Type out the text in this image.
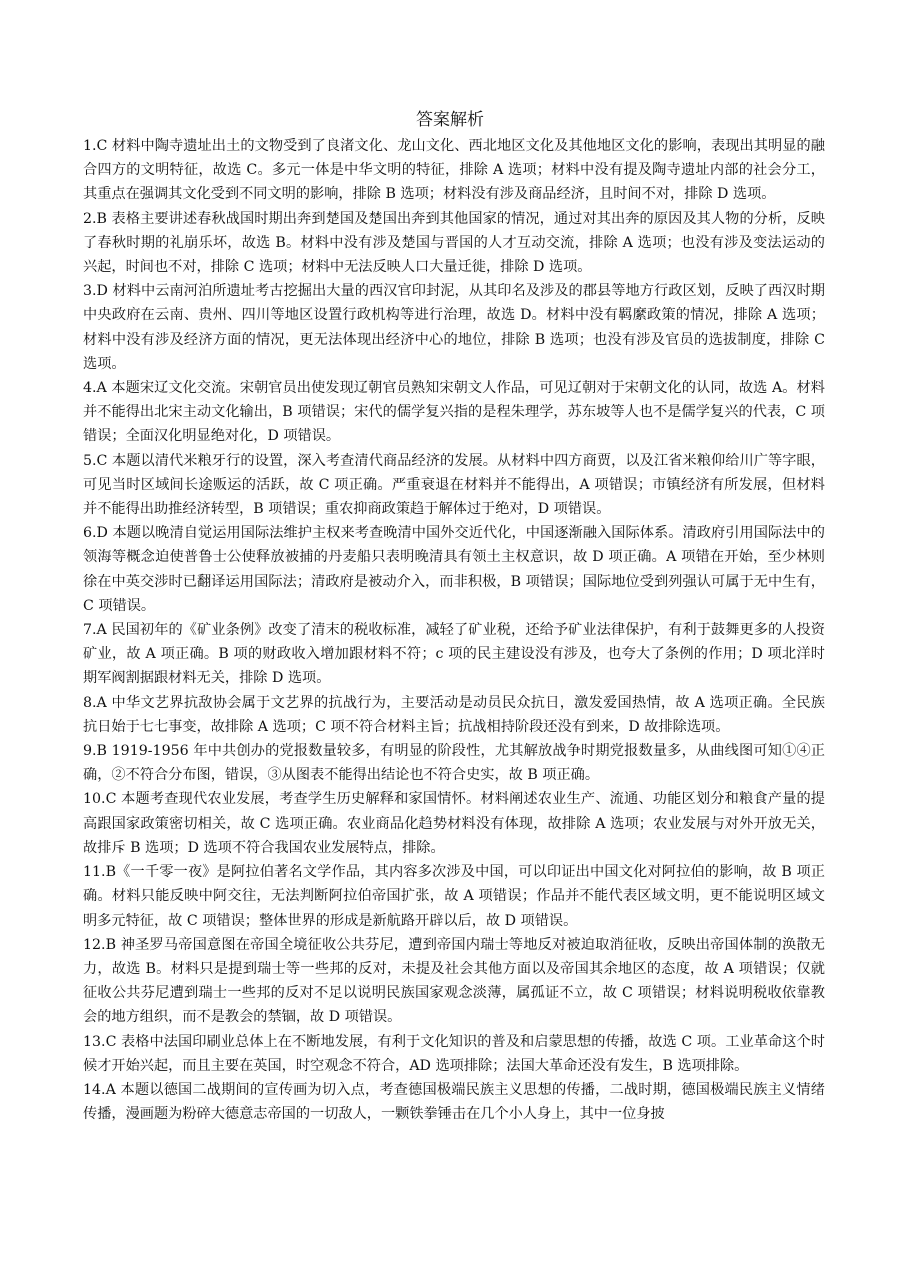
答案解析

1.C 材料中陶寺遗址出土的文物受到了良渚文化、龙山文化、西北地区文化及其他地区文化的影响，表现出其明显的融合四方的文明特征，故选 C。多元一体是中华文明的特征，排除 A 选项；材料中没有提及陶寺遗址内部的社会分工，其重点在强调其文化受到不同文明的影响，排除 B 选项；材料没有涉及商品经济，且时间不对，排除 D 选项。

2.B 表格主要讲述春秋战国时期出奔到楚国及楚国出奔到其他国家的情况，通过对其出奔的原因及其人物的分析，反映了春秋时期的礼崩乐坏，故选 B。材料中没有涉及楚国与晋国的人才互动交流，排除 A 选项；也没有涉及变法运动的兴起，时间也不对，排除 C 选项；材料中无法反映人口大量迁徙，排除 D 选项。

3.D 材料中云南河泊所遗址考古挖掘出大量的西汉官印封泥，从其印名及涉及的郡县等地方行政区划，反映了西汉时期中央政府在云南、贵州、四川等地区设置行政机构等进行治理，故选 D。材料中没有羁縻政策的情况，排除 A 选项；材料中没有涉及经济方面的情况，更无法体现出经济中心的地位，排除 B 选项；也没有涉及官员的选拔制度，排除 C 选项。

4.A 本题宋辽文化交流。宋朝官员出使发现辽朝官员熟知宋朝文人作品，可见辽朝对于宋朝文化的认同，故选 A。材料并不能得出北宋主动文化输出，B 项错误；宋代的儒学复兴指的是程朱理学，苏东坡等人也不是儒学复兴的代表，C 项错误；全面汉化明显绝对化，D 项错误。

5.C 本题以清代米粮牙行的设置，深入考查清代商品经济的发展。从材料中四方商贾，以及江省米粮仰给川广等字眼，可见当时区域间长途贩运的活跃，故 C 项正确。严重衰退在材料并不能得出，A 项错误；市镇经济有所发展，但材料并不能得出助推经济转型，B 项错误；重农抑商政策趋于解体过于绝对，D 项错误。

6.D 本题以晚清自觉运用国际法维护主权来考查晚清中国外交近代化，中国逐渐融入国际体系。清政府引用国际法中的领海等概念迫使普鲁士公使释放被捕的丹麦船只表明晚清具有领土主权意识，故 D 项正确。A 项错在开始，至少林则徐在中英交涉时已翻译运用国际法；清政府是被动介入，而非积极，B 项错误；国际地位受到列强认可属于无中生有，C 项错误。

7.A 民国初年的《矿业条例》改变了清末的税收标准，减轻了矿业税，还给予矿业法律保护，有利于鼓舞更多的人投资矿业，故 A 项正确。B 项的财政收入增加跟材料不符；c 项的民主建设没有涉及，也夸大了条例的作用；D 项北洋时期军阀割据跟材料无关，排除 D 选项。

8.A 中华文艺界抗敌协会属于文艺界的抗战行为，主要活动是动员民众抗日，激发爱国热情，故 A 选项正确。全民族抗日始于七七事变，故排除 A 选项；C 项不符合材料主旨；抗战相持阶段还没有到来，D 故排除选项。

9.B 1919-1956 年中共创办的党报数量较多，有明显的阶段性，尤其解放战争时期党报数量多，从曲线图可知①④正确，②不符合分布图，错误，③从图表不能得出结论也不符合史实，故 B 项正确。

10.C 本题考查现代农业发展，考查学生历史解释和家国情怀。材料阐述农业生产、流通、功能区划分和粮食产量的提高跟国家政策密切相关，故 C 选项正确。农业商品化趋势材料没有体现，故排除 A 选项；农业发展与对外开放无关，故排斥 B 选项；D 选项不符合我国农业发展特点，排除。

11.B《一千零一夜》是阿拉伯著名文学作品，其内容多次涉及中国，可以印证出中国文化对阿拉伯的影响，故 B 项正确。材料只能反映中阿交往，无法判断阿拉伯帝国扩张，故 A 项错误；作品并不能代表区域文明，更不能说明区域文明多元特征，故 C 项错误；整体世界的形成是新航路开辟以后，故 D 项错误。

12.B 神圣罗马帝国意图在帝国全境征收公共芬尼，遭到帝国内瑞士等地反对被迫取消征收，反映出帝国体制的涣散无力，故选 B。材料只是提到瑞士等一些邦的反对，未提及社会其他方面以及帝国其余地区的态度，故 A 项错误；仅就征收公共芬尼遭到瑞士一些邦的反对不足以说明民族国家观念淡薄，属孤证不立，故 C 项错误；材料说明税收依靠教会的地方组织，而不是教会的禁锢，故 D 项错误。

13.C 表格中法国印刷业总体上在不断地发展，有利于文化知识的普及和启蒙思想的传播，故选 C 项。工业革命这个时候才开始兴起，而且主要在英国，时空观念不符合，AD 选项排除；法国大革命还没有发生，B 选项排除。

14.A 本题以德国二战期间的宣传画为切入点，考查德国极端民族主义思想的传播，二战时期，德国极端民族主义情绪传播，漫画题为粉碎大德意志帝国的一切敌人，一颗铁拳锤击在几个小人身上，其中一位身披
